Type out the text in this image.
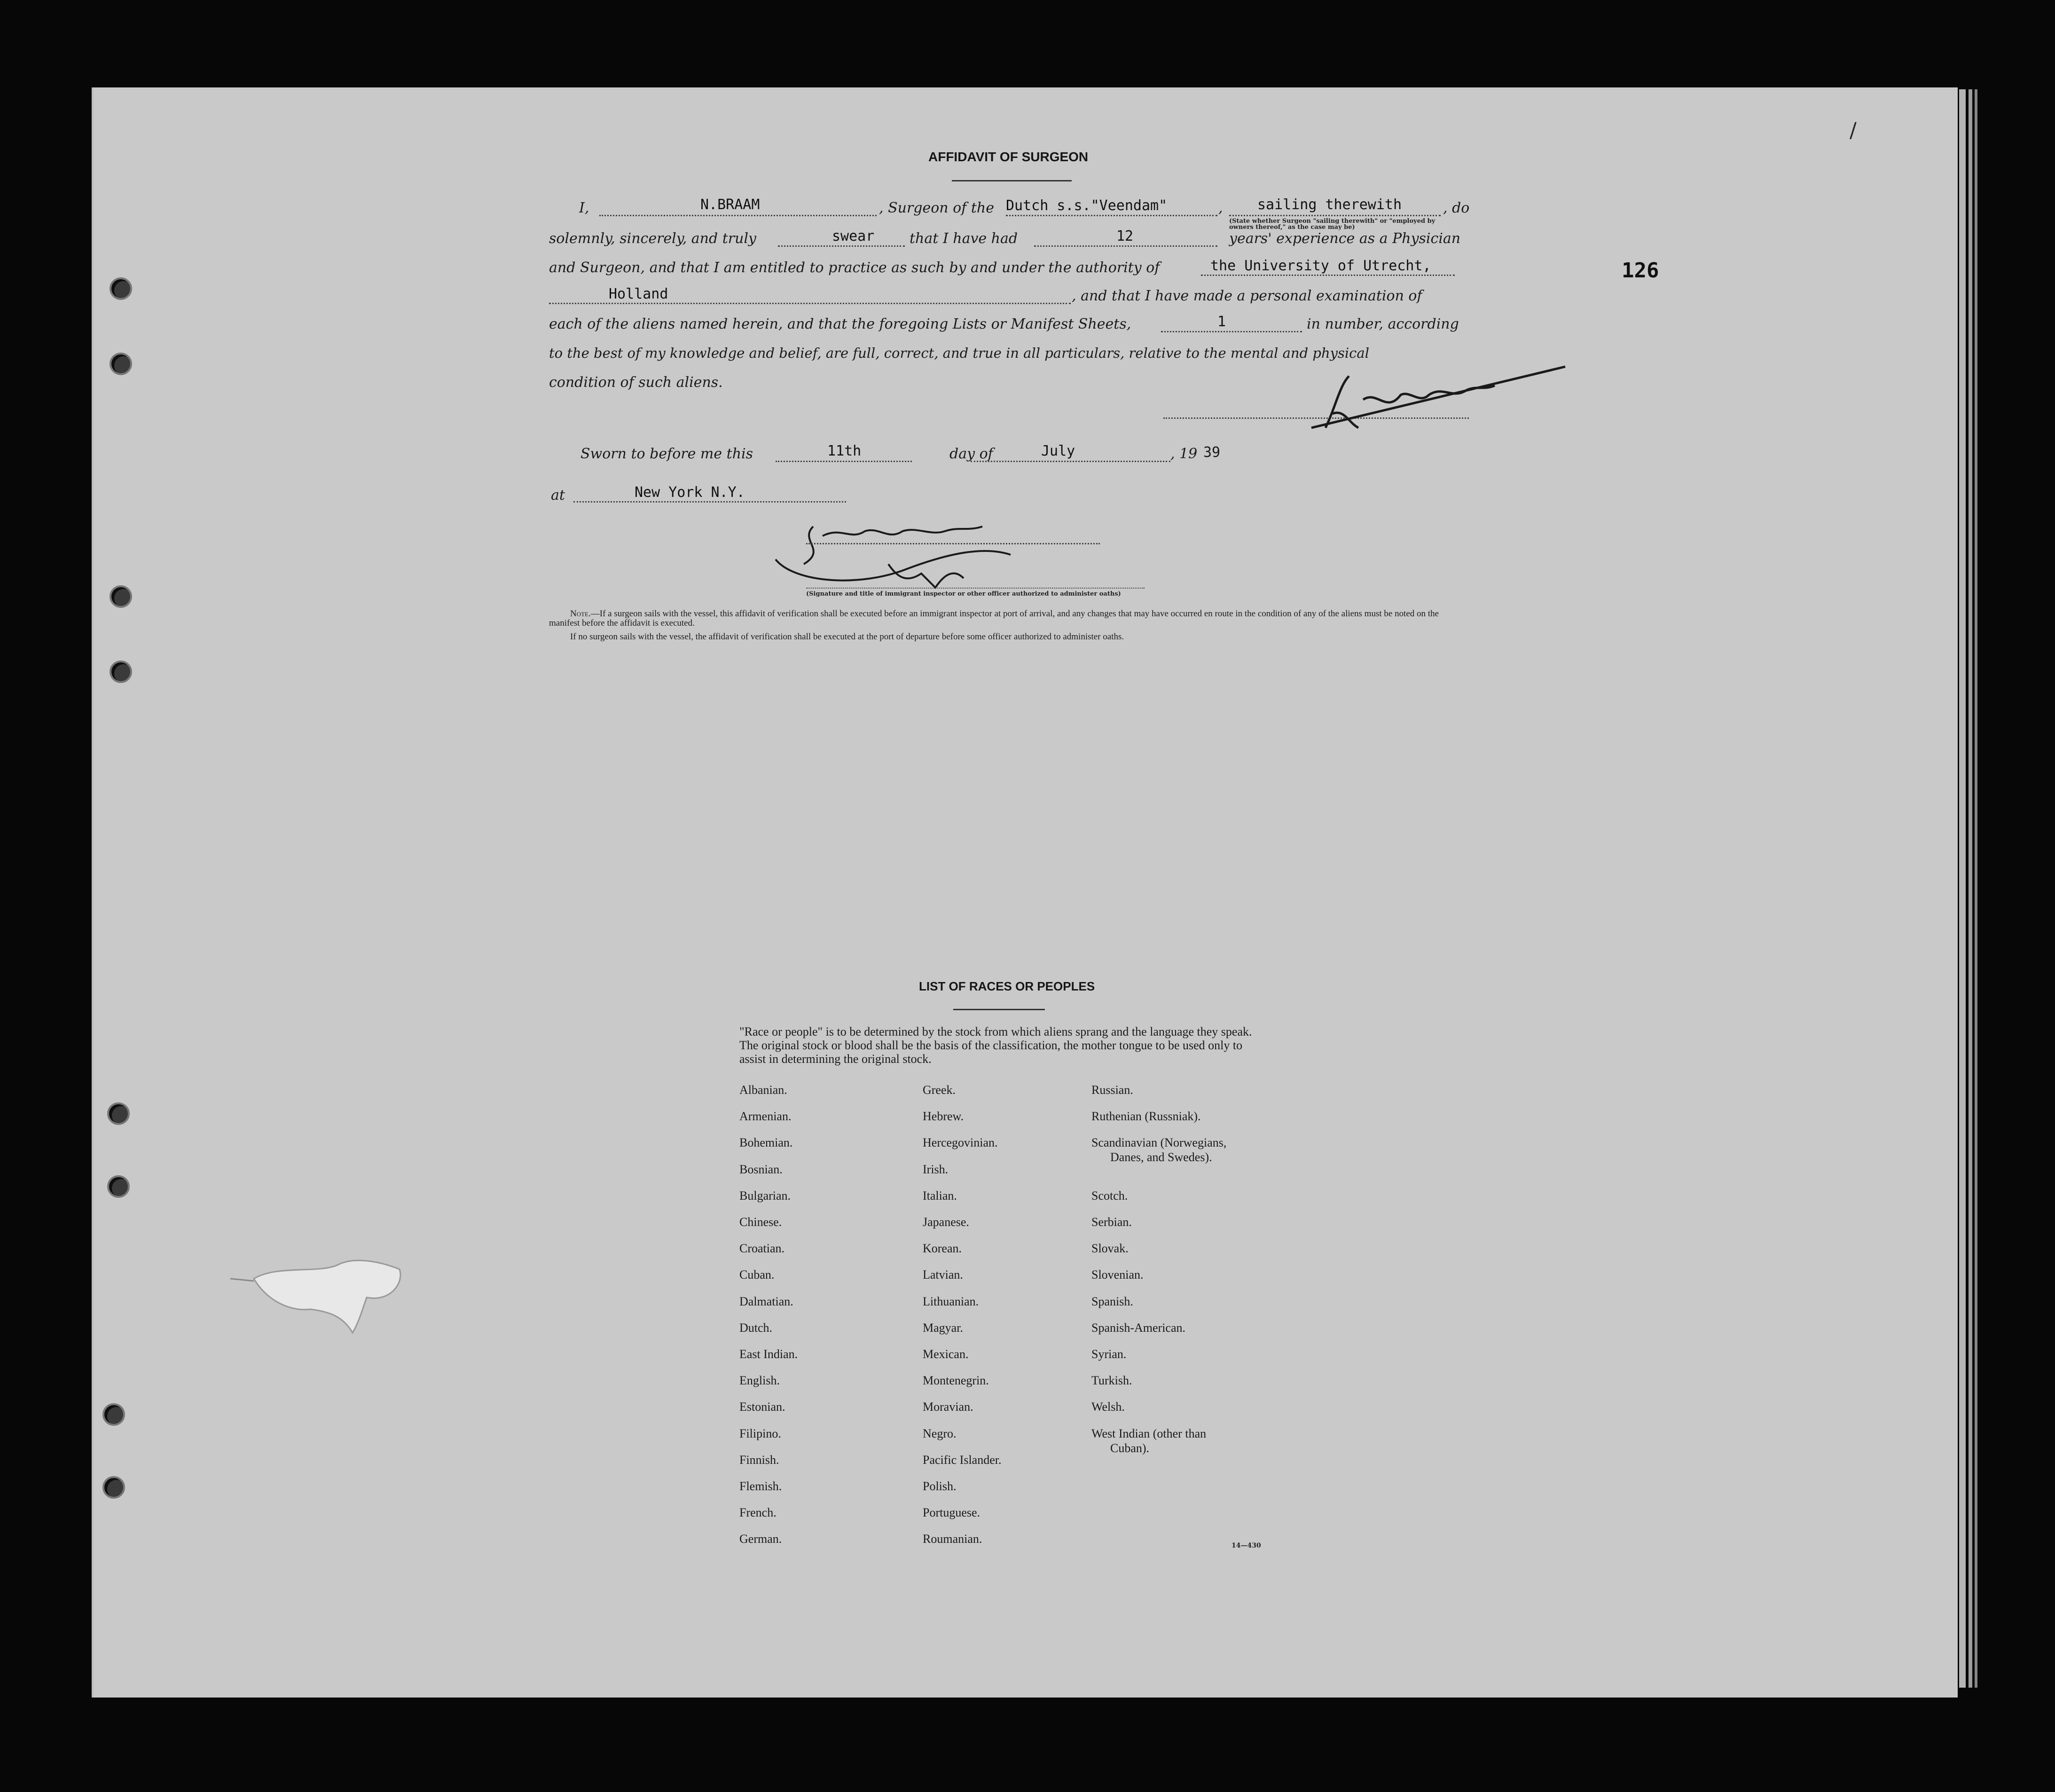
/
AFFIDAVIT OF SURGEON
126
I,	N.BRAAM	, Surgeon of the Dutch s.s."Veendam"	, sailing therewith	, do
(State whether Surgeon "sailing therewith" or "employed by owners thereof," as the case may be)
solemnly, sincerely, and truly	swear that I have had	12	years' experience as a Physician
and Surgeon, and that I am entitled to practice as such by and under the authority of	the University of Utrecht,
Holland	, and that I have made a personal examination of
each of the aliens named herein, and that the foregoing Lists or Manifest Sheets,	1	in number, according
to the best of my knowledge and belief, are full, correct, and true in all particulars, relative to the mental and physical
condition of such aliens.
Sworn to before me this	11th	day of	July	, 19 39
at	New York N.Y.
(Signature and title of immigrant inspector or other officer authorized to administer oaths)
Note.—If a surgeon sails with the vessel, this affidavit of verification shall be executed before an immigrant inspector at port of arrival, and any changes that may have occurred en route in the condition of any of the aliens must be noted on the manifest before the affidavit is executed.
If no surgeon sails with the vessel, the affidavit of verification shall be executed at the port of departure before some officer authorized to administer oaths.
LIST OF RACES OR PEOPLES
"Race or people" is to be determined by the stock from which aliens sprang and the language they speak. The original stock or blood shall be the basis of the classification, the mother tongue to be used only to assist in determining the original stock.
Albanian.
Armenian.
Bohemian.
Bosnian.
Bulgarian.
Chinese.
Croatian.
Cuban.
Dalmatian.
Dutch.
East Indian.
English.
Estonian.
Filipino.
Finnish.
Flemish.
French.
German.
Greek.
Hebrew.
Hercegovinian.
Irish.
Italian.
Japanese.
Korean.
Latvian.
Lithuanian.
Magyar.
Mexican.
Montenegrin.
Moravian.
Negro.
Pacific Islander.
Polish.
Portuguese.
Roumanian.
Russian.
Ruthenian (Russniak).
Scandinavian (Norwegians,
Danes, and Swedes).
Scotch.
Serbian.
Slovak.
Slovenian.
Spanish.
Spanish-American.
Syrian.
Turkish.
Welsh.
West Indian (other than
Cuban).
14—430
